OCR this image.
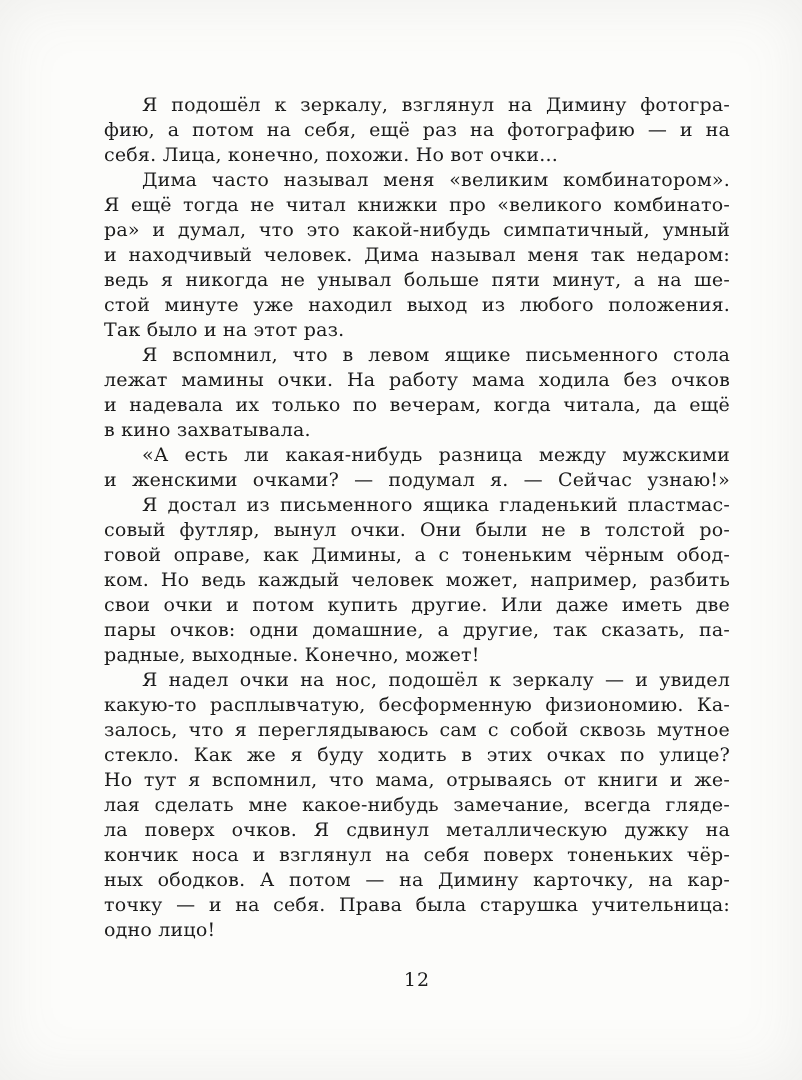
Я подошёл к зеркалу, взглянул на Димину фотогра-
фию, а потом на себя, ещё раз на фотографию — и на
себя. Лица, конечно, похожи. Но вот очки...
Дима часто называл меня «великим комбинатором».
Я ещё тогда не читал книжки про «великого комбинато-
ра» и думал, что это какой-нибудь симпатичный, умный
и находчивый человек. Дима называл меня так недаром:
ведь я никогда не унывал больше пяти минут, а на ше-
стой минуте уже находил выход из любого положения.
Так было и на этот раз.
Я вспомнил, что в левом ящике письменного стола
лежат мамины очки. На работу мама ходила без очков
и надевала их только по вечерам, когда читала, да ещё
в кино захватывала.
«А есть ли какая-нибудь разница между мужскими
и женскими очками? — подумал я. — Сейчас узнаю!»
Я достал из письменного ящика гладенький пластмас-
совый футляр, вынул очки. Они были не в толстой ро-
говой оправе, как Димины, а с тоненьким чёрным обод-
ком. Но ведь каждый человек может, например, разбить
свои очки и потом купить другие. Или даже иметь две
пары очков: одни домашние, а другие, так сказать, па-
радные, выходные. Конечно, может!
Я надел очки на нос, подошёл к зеркалу — и увидел
какую-то расплывчатую, бесформенную физиономию. Ка-
залось, что я переглядываюсь сам с собой сквозь мутное
стекло. Как же я буду ходить в этих очках по улице?
Но тут я вспомнил, что мама, отрываясь от книги и же-
лая сделать мне какое-нибудь замечание, всегда гляде-
ла поверх очков. Я сдвинул металлическую дужку на
кончик носа и взглянул на себя поверх тоненьких чёр-
ных ободков. А потом — на Димину карточку, на кар-
точку — и на себя. Права была старушка учительница:
одно лицо!
12
